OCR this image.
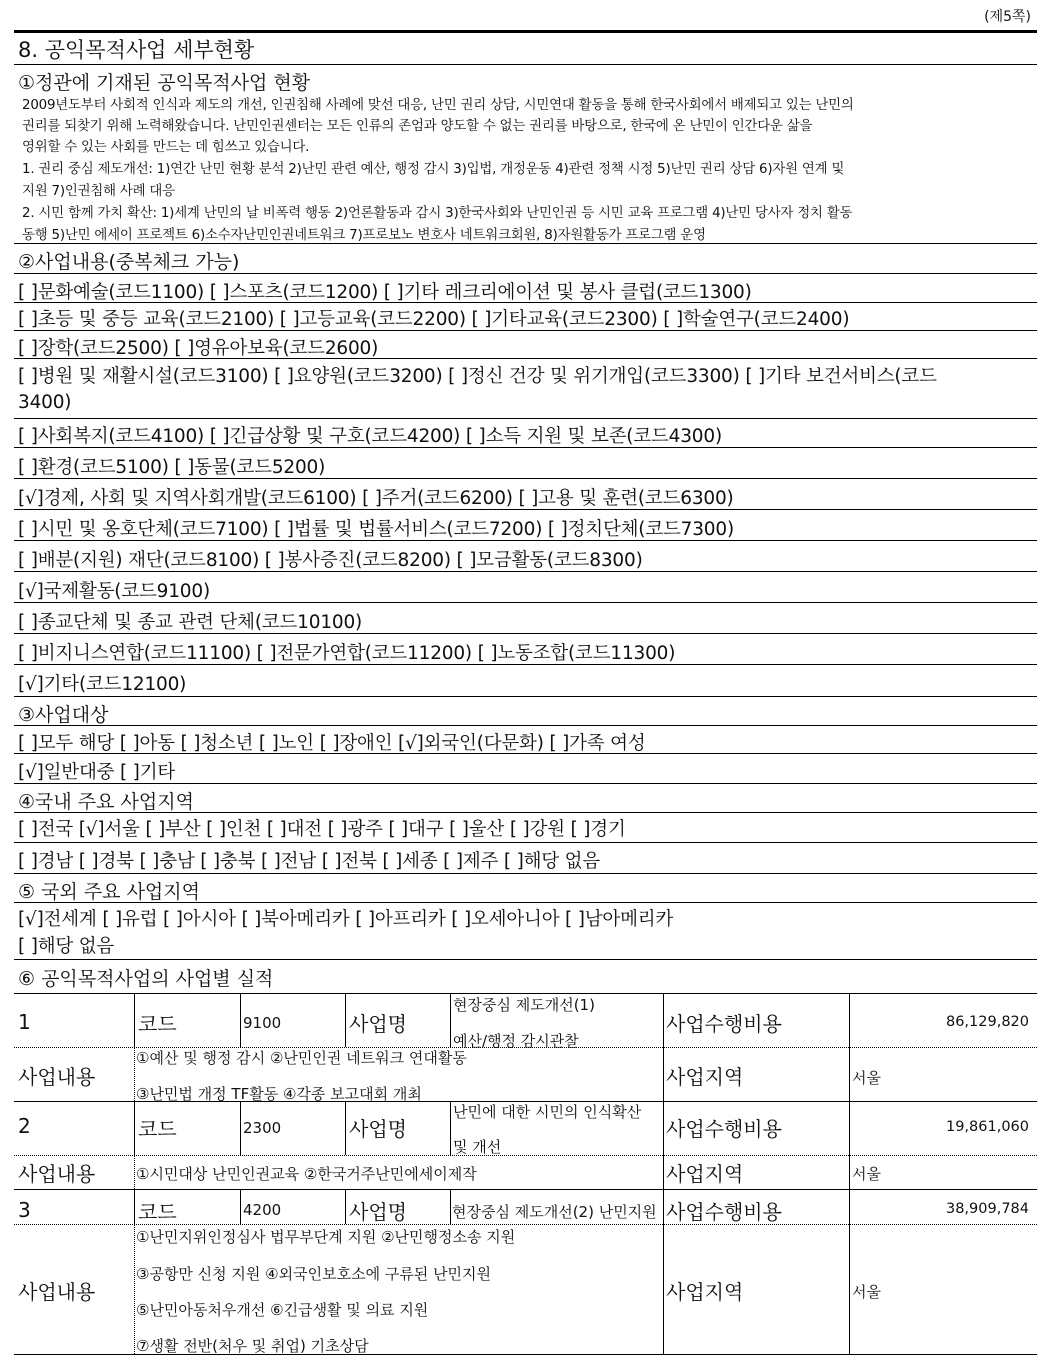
(제5쪽)
8. 공익목적사업 세부현황
①정관에 기재된 공익목적사업 현황
2009년도부터 사회적 인식과 제도의 개선, 인권침해 사례에 맞선 대응, 난민 권리 상담, 시민연대 활동을 통해 한국사회에서 배제되고 있는 난민의
권리를 되찾기 위해 노력해왔습니다. 난민인권센터는 모든 인류의 존엄과 양도할 수 없는 권리를 바탕으로, 한국에 온 난민이 인간다운 삶을
영위할 수 있는 사회를 만드는 데 힘쓰고 있습니다.
1. 권리 중심 제도개선: 1)연간 난민 현황 분석 2)난민 관련 예산, 행정 감시 3)입법, 개정운동 4)관련 정책 시정 5)난민 권리 상담 6)자원 연계 및
지원 7)인권침해 사례 대응
2. 시민 함께 가치 확산: 1)세계 난민의 날 비폭력 행동 2)언론활동과 감시 3)한국사회와 난민인권 등 시민 교육 프로그램 4)난민 당사자 정치 활동
동행 5)난민 에세이 프로젝트 6)소수자난민인권네트워크 7)프로보노 변호사 네트워크회원, 8)자원활동가 프로그램 운영
②사업내용(중복체크 가능)
[ ]문화예술(코드1100) [ ]스포츠(코드1200) [ ]기타 레크리에이션 및 봉사 클럽(코드1300)
[ ]초등 및 중등 교육(코드2100) [ ]고등교육(코드2200) [ ]기타교육(코드2300) [ ]학술연구(코드2400)
[ ]장학(코드2500) [ ]영유아보육(코드2600)
[ ]병원 및 재활시설(코드3100) [ ]요양원(코드3200) [ ]정신 건강 및 위기개입(코드3300) [ ]기타 보건서비스(코드
3400)
[ ]사회복지(코드4100) [ ]긴급상황 및 구호(코드4200) [ ]소득 지원 및 보존(코드4300)
[ ]환경(코드5100) [ ]동물(코드5200)
[√]경제, 사회 및 지역사회개발(코드6100) [ ]주거(코드6200) [ ]고용 및 훈련(코드6300)
[ ]시민 및 옹호단체(코드7100) [ ]법률 및 법률서비스(코드7200) [ ]정치단체(코드7300)
[ ]배분(지원) 재단(코드8100) [ ]봉사증진(코드8200) [ ]모금활동(코드8300)
[√]국제활동(코드9100)
[ ]종교단체 및 종교 관련 단체(코드10100)
[ ]비지니스연합(코드11100) [ ]전문가연합(코드11200) [ ]노동조합(코드11300)
[√]기타(코드12100)
③사업대상
[ ]모두 해당 [ ]아동 [ ]청소년 [ ]노인 [ ]장애인 [√]외국인(다문화) [ ]가족 여성
[√]일반대중 [ ]기타
④국내 주요 사업지역
[ ]전국 [√]서울 [ ]부산 [ ]인천 [ ]대전 [ ]광주 [ ]대구 [ ]울산 [ ]강원 [ ]경기
[ ]경남 [ ]경북 [ ]충남 [ ]충북 [ ]전남 [ ]전북 [ ]세종 [ ]제주 [ ]해당 없음
⑤ 국외 주요 사업지역
[√]전세계 [ ]유럽 [ ]아시아 [ ]북아메리카 [ ]아프리카 [ ]오세아니아 [ ]남아메리카
[ ]해당 없음
⑥ 공익목적사업의 사업별 실적
1	코드	9100	사업명
현장중심 제도개선(1)
예산/행정 감시관찰
사업수행비용	86,129,820
사업내용
①예산 및 행정 감시 ②난민인권 네트워크 연대활동
③난민법 개정 TF활동 ④각종 보고대회 개최
사업지역	서울
2	코드	2300	사업명
난민에 대한 시민의 인식확산
및 개선
사업수행비용	19,861,060
사업내용	①시민대상 난민인권교육 ②한국거주난민에세이제작	사업지역	서울
3	코드	4200	사업명	현장중심 제도개선(2) 난민지원 사업수행비용	38,909,784
사업내용
①난민지위인정심사 법무부단계 지원 ②난민행정소송 지원
③공항만 신청 지원 ④외국인보호소에 구류된 난민지원
⑤난민아동처우개선 ⑥긴급생활 및 의료 지원
⑦생활 전반(처우 및 취업) 기초상담
사업지역	서울
